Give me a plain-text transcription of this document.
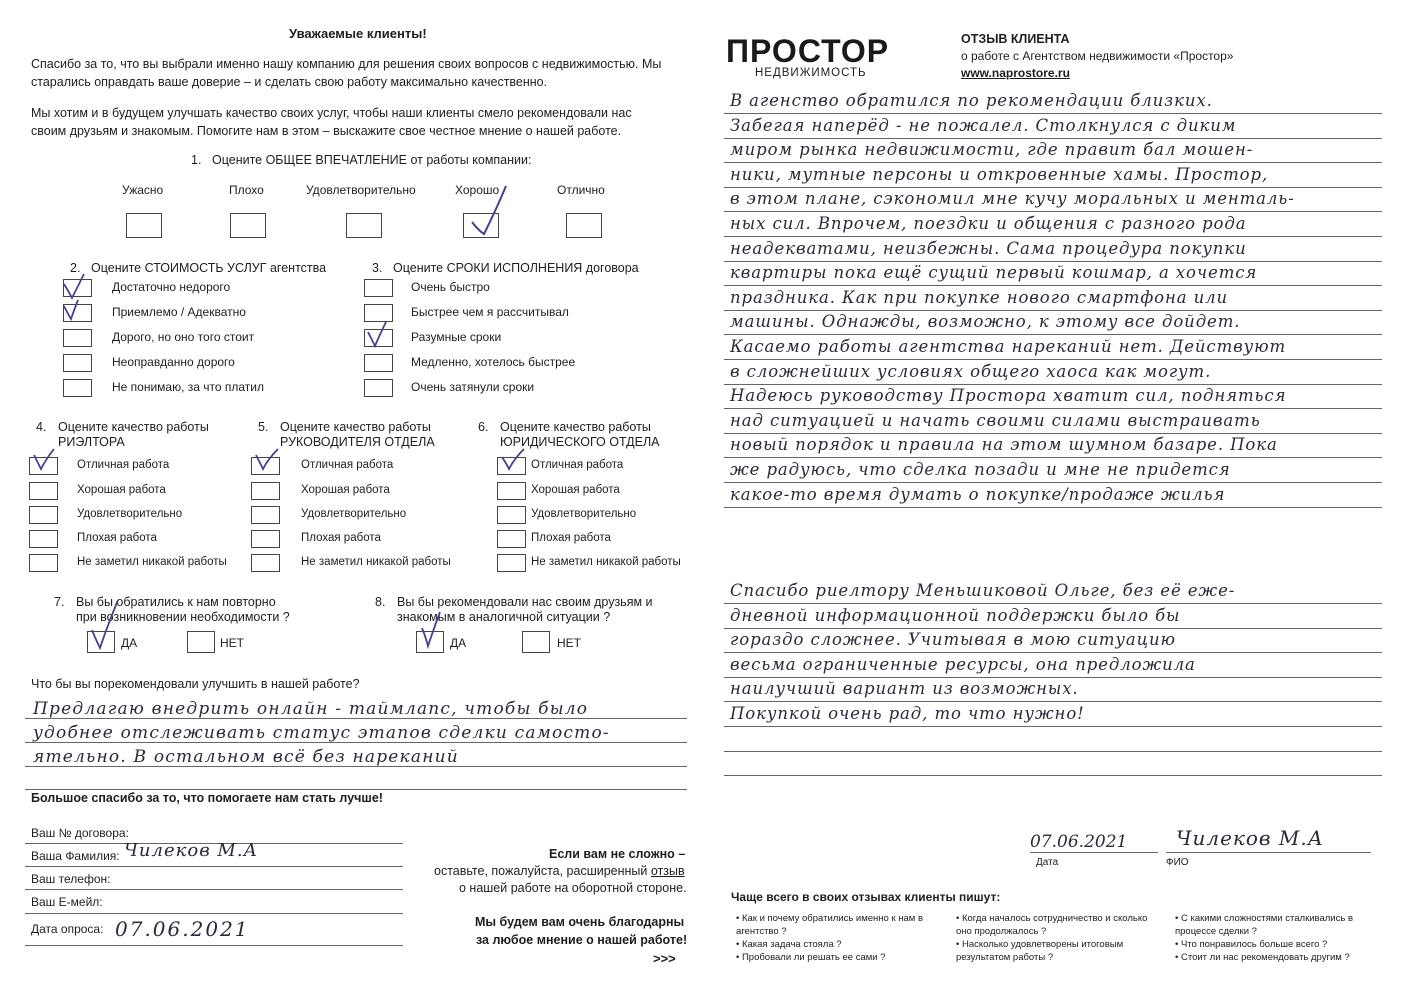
Уважаемые клиенты!
Спасибо за то, что вы выбрали именно нашу компанию для решения своих вопросов с недвижимостью. Мы старались оправдать ваше доверие – и сделать свою работу максимально качественно.
Мы хотим и в будущем улучшать качество своих услуг, чтобы наши клиенты смело рекомендовали нас своим друзьям и знакомым. Помогите нам в этом – выскажите свое честное мнение о нашей работе.
1. Оцените ОБЩЕЕ ВПЕЧАТЛЕНИЕ от работы компании:
Ужасно	Плохо	Удовлетворительно	Хорошо	Отлично
2. Оцените СТОИМОСТЬ УСЛУГ агентства
Достаточно недорого
Приемлемо / Адекватно
Дорого, но оно того стоит
Неоправданно дорого
Не понимаю, за что платил
3. Оцените СРОКИ ИСПОЛНЕНИЯ договора
Очень быстро
Быстрее чем я рассчитывал
Разумные сроки
Медленно, хотелось быстрее
Очень затянули сроки
4. Оцените качество работы
РИЭЛТОРА
Отличная работа
Хорошая работа
Удовлетворительно
Плохая работа
Не заметил никакой работы
5. Оцените качество работы
РУКОВОДИТЕЛЯ ОТДЕЛА
Отличная работа
Хорошая работа
Удовлетворительно
Плохая работа
Не заметил никакой работы
6. Оцените качество работы
ЮРИДИЧЕСКОГО ОТДЕЛА
Отличная работа
Хорошая работа
Удовлетворительно
Плохая работа
Не заметил никакой работы
7. Вы бы обратились к нам повторно
при возникновении необходимости ?
ДА	НЕТ
8. Вы бы рекомендовали нас своим друзьям и
знакомым в аналогичной ситуации ?
ДА	НЕТ
Что бы вы порекомендовали улучшить в нашей работе?
Предлагаю внедрить онлайн - таймлапс, чтобы было
удобнее отслеживать статус этапов сделки самосто-
ятельно. В остальном всё без нареканий
Большое спасибо за то, что помогаете нам стать лучше!
Ваш № договора:
Ваша Фамилия: Чилеков М.А
Ваш телефон:
Ваш E-мейл:
Дата опроса: 07.06.2021
Если вам не сложно –
оставьте, пожалуйста, расширенный отзыв
о нашей работе на оборотной стороне.
Мы будем вам очень благодарны
за любое мнение о нашей работе!
>>>
ПРОСТОР
НЕДВИЖИМОСТЬ
ОТЗЫВ КЛИЕНТА
о работе с Агентством недвижимости «Простор»
www.naprostore.ru
В агенство обратился по рекомендации близких.
Забегая наперёд - не пожалел. Столкнулся с диким
миром рынка недвижимости, где правит бал мошен-
ники, мутные персоны и откровенные хамы. Простор,
в этом плане, сэкономил мне кучу моральных и менталь-
ных сил. Впрочем, поездки и общения с разного рода
неадекватами, неизбежны. Сама процедура покупки
квартиры пока ещё сущий первый кошмар, а хочется
праздника. Как при покупке нового смартфона или
машины. Однажды, возможно, к этому все дойдет.
Касаемо работы агентства нареканий нет. Действуют
в сложнейших условиях общего хаоса как могут.
Надеюсь руководству Простора хватит сил, подняться
над ситуацией и начать своими силами выстраивать
новый порядок и правила на этом шумном базаре. Пока
же радуюсь, что сделка позади и мне не придется
какое-то время думать о покупке/продаже жилья
Спасибо риелтору Меньшиковой Ольге, без её еже-
дневной информационной поддержки было бы
гораздо сложнее. Учитывая в мою ситуацию
весьма ограниченные ресурсы, она предложила
наилучший вариант из возможных.
Покупкой очень рад, то что нужно!
07.06.2021 Чилеков М.А
Дата	ФИО
Чаще всего в своих отзывах клиенты пишут:
• Как и почему обратились именно к нам в агентство ?
• Какая задача стояла ?
• Пробовали ли решать ее сами ?
• Когда началось сотрудничество и сколько оно продолжалось ?
• Насколько удовлетворены итоговым результатом работы ?
• С какими сложностями сталкивались в процессе сделки ?
• Что понравилось больше всего ?
• Стоит ли нас рекомендовать другим ?
